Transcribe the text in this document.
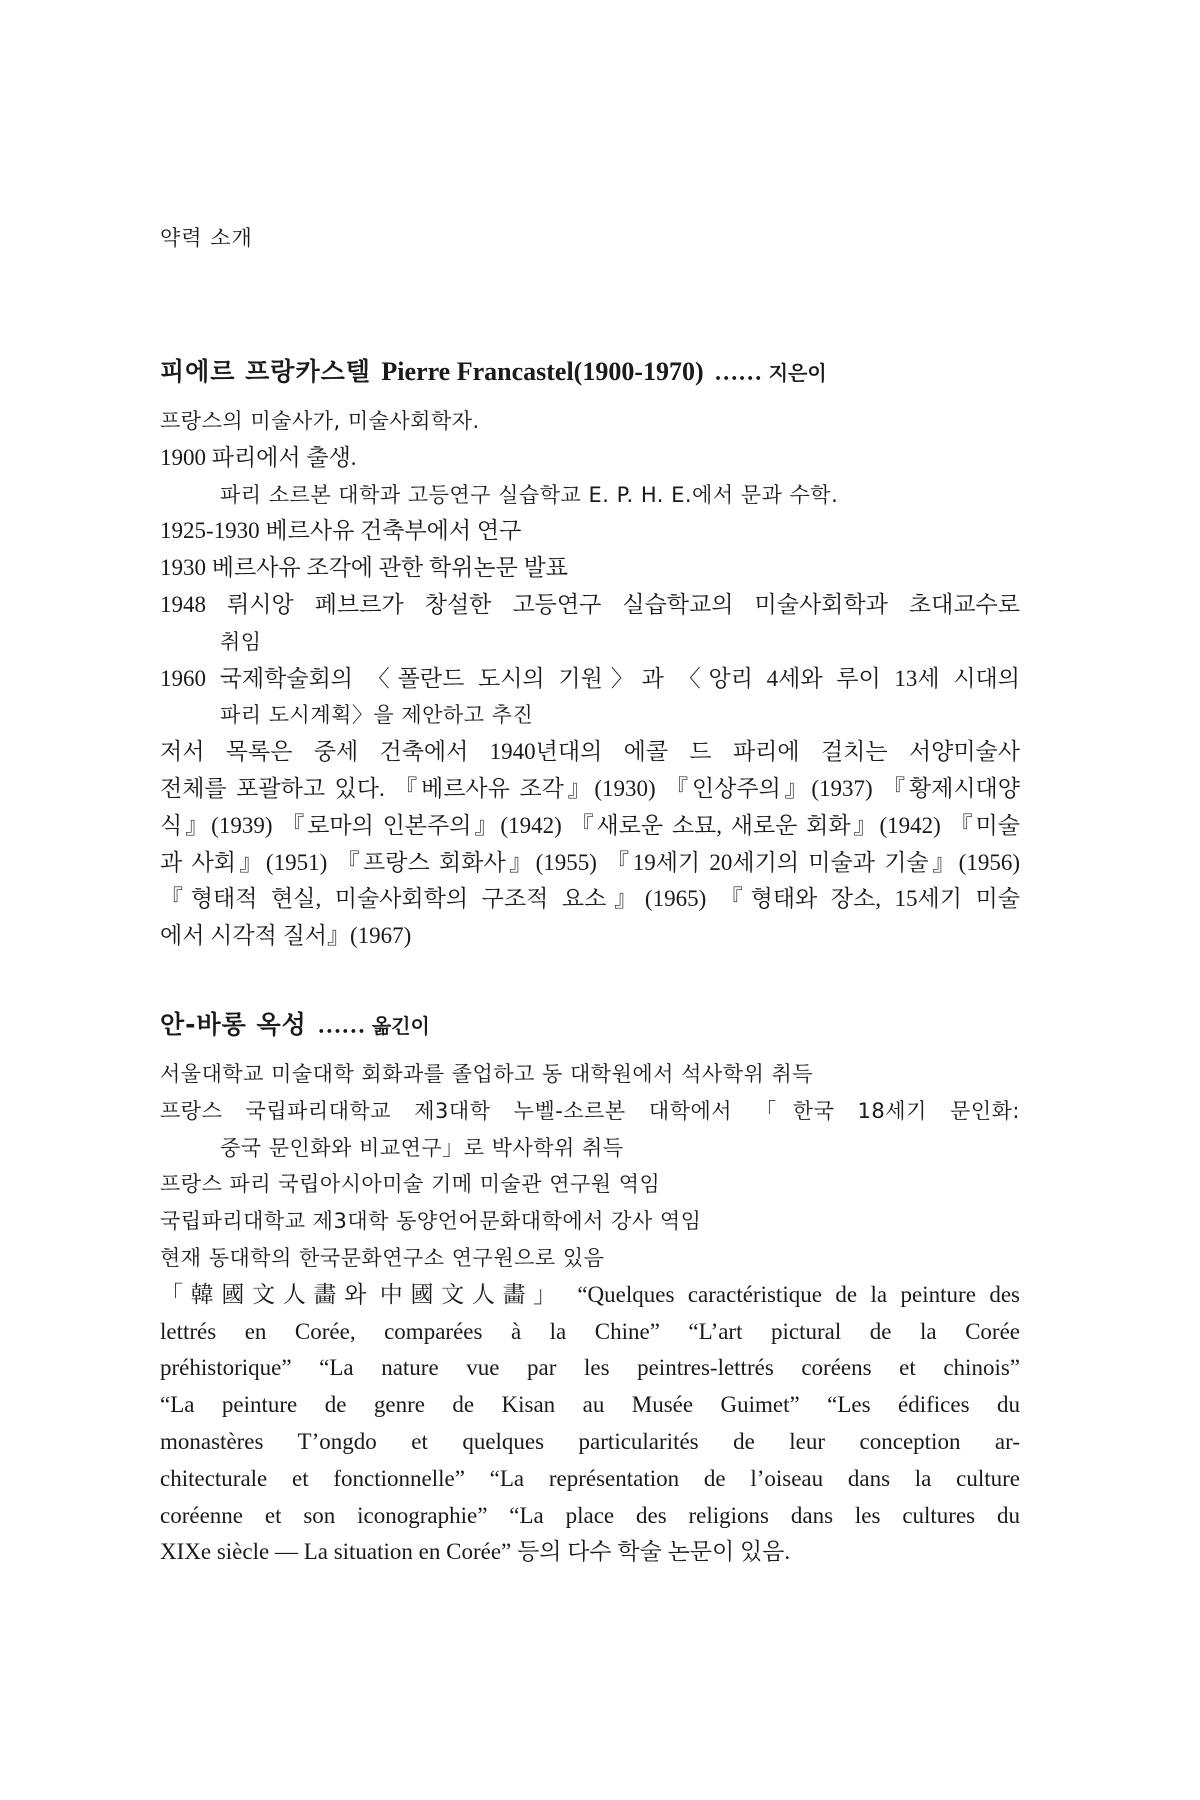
약력 소개
피에르 프랑카스텔 Pierre Francastel(1900-1970) …… 지은이
프랑스의 미술사가, 미술사회학자.
1900 파리에서 출생.
파리 소르본 대학과 고등연구 실습학교 E. P. H. E.에서 문과 수학.
1925-1930 베르사유 건축부에서 연구
1930 베르사유 조각에 관한 학위논문 발표
1948 뤼시앙 페브르가 창설한 고등연구 실습학교의 미술사회학과 초대교수로
취임
1960 국제학술회의 〈폴란드 도시의 기원〉과 〈앙리 4세와 루이 13세 시대의
파리 도시계획〉을 제안하고 추진
저서 목록은 중세 건축에서 1940년대의 에콜 드 파리에 걸치는 서양미술사
전체를 포괄하고 있다. 『베르사유 조각』(1930) 『인상주의』(1937) 『황제시대양
식』(1939) 『로마의 인본주의』(1942) 『새로운 소묘, 새로운 회화』(1942) 『미술
과 사회』(1951) 『프랑스 회화사』(1955) 『19세기 20세기의 미술과 기술』(1956)
『형태적 현실, 미술사회학의 구조적 요소』(1965) 『형태와 장소, 15세기 미술
에서 시각적 질서』(1967)
안-바롱 옥성 …… 옮긴이
서울대학교 미술대학 회화과를 졸업하고 동 대학원에서 석사학위 취득
프랑스 국립파리대학교 제3대학 누벨-소르본 대학에서 「한국 18세기 문인화:
중국 문인화와 비교연구」로 박사학위 취득
프랑스 파리 국립아시아미술 기메 미술관 연구원 역임
국립파리대학교 제3대학 동양언어문화대학에서 강사 역임
현재 동대학의 한국문화연구소 연구원으로 있음
「韓國文人畵와 中國文人畵」 “Quelques caractéristique de la peinture des
lettrés en Corée, comparées à la Chine” “L’art pictural de la Corée
préhistorique” “La nature vue par les peintres-lettrés coréens et chinois”
“La peinture de genre de Kisan au Musée Guimet” “Les édifices du
monastères T’ongdo et quelques particularités de leur conception ar-
chitecturale et fonctionnelle” “La représentation de l’oiseau dans la culture
coréenne et son iconographie” “La place des religions dans les cultures du
XIXe siècle — La situation en Corée” 등의 다수 학술 논문이 있음.
